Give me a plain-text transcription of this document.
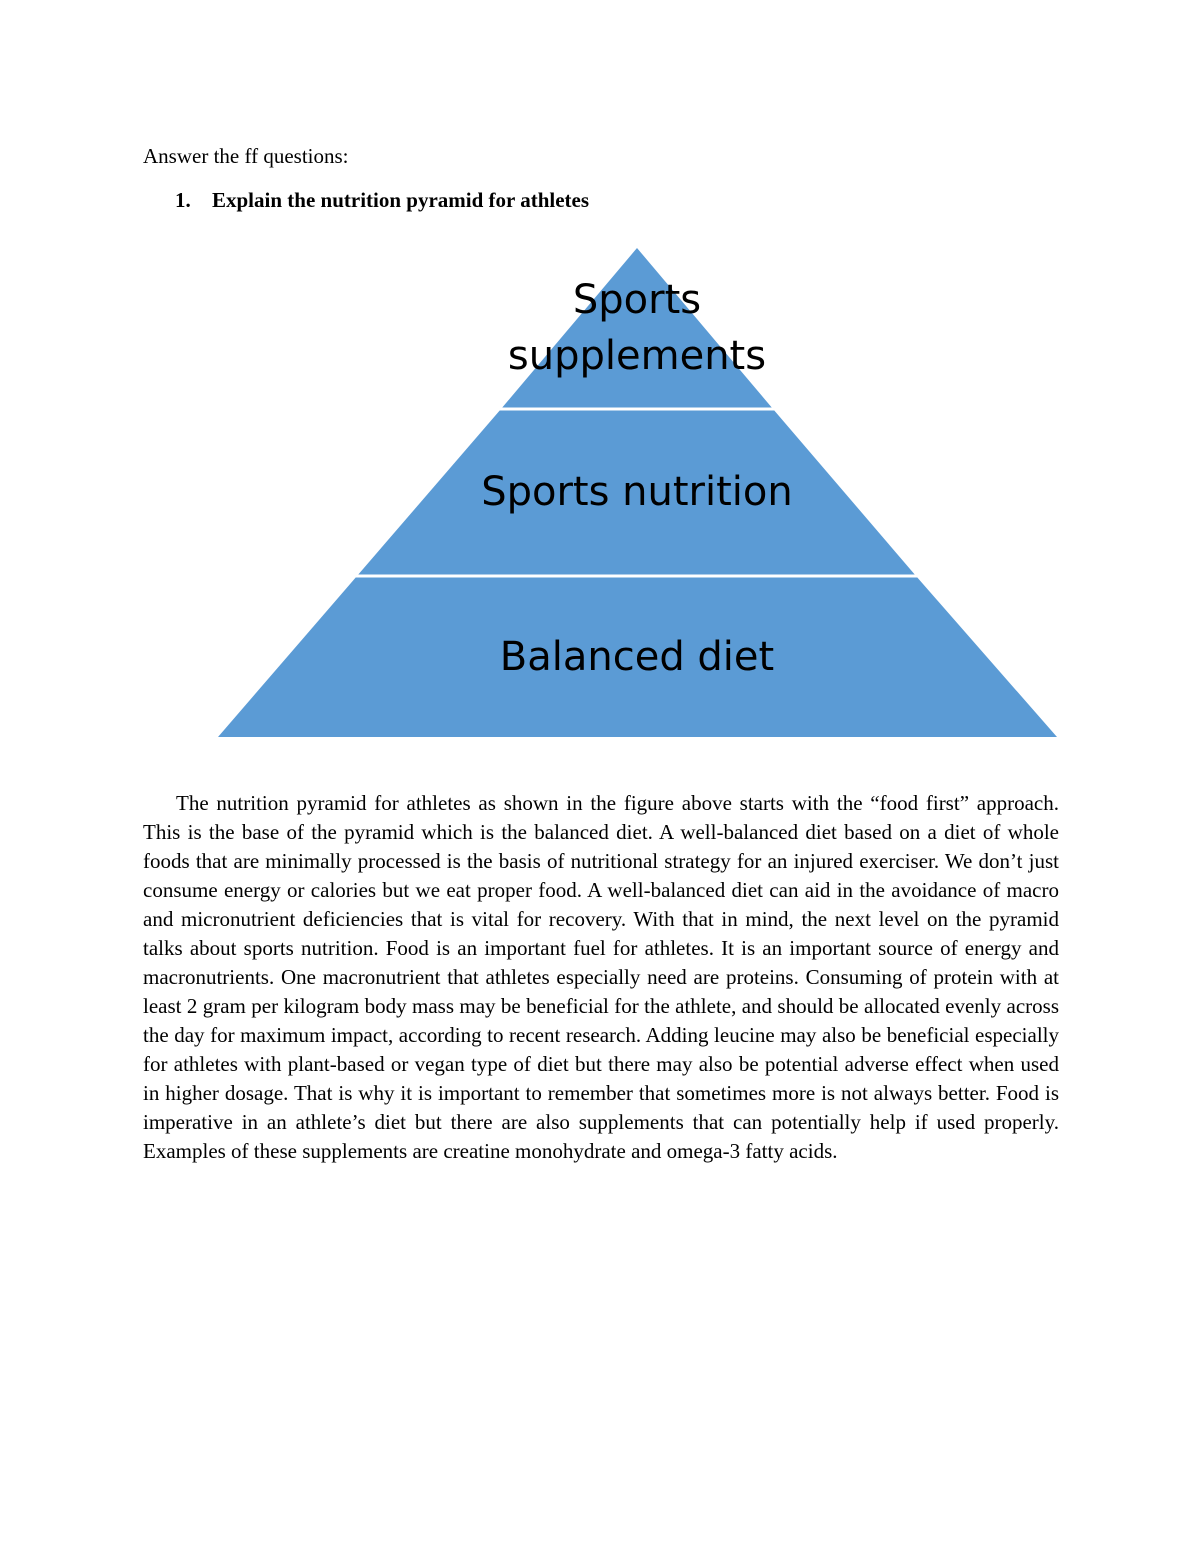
Answer the ff questions:

1. Explain the nutrition pyramid for athletes

Sports
supplements
Sports nutrition
Balanced diet

The nutrition pyramid for athletes as shown in the figure above starts with the “food first” approach. This is the base of the pyramid which is the balanced diet. A well-balanced diet based on a diet of whole foods that are minimally processed is the basis of nutritional strategy for an injured exerciser. We don’t just consume energy or calories but we eat proper food. A well-balanced diet can aid in the avoidance of macro and micronutrient deficiencies that is vital for recovery. With that in mind, the next level on the pyramid talks about sports nutrition. Food is an important fuel for athletes. It is an important source of energy and macronutrients. One macronutrient that athletes especially need are proteins. Consuming of protein with at least 2 gram per kilogram body mass may be beneficial for the athlete, and should be allocated evenly across the day for maximum impact, according to recent research. Adding leucine may also be beneficial especially for athletes with plant-based or vegan type of diet but there may also be potential adverse effect when used in higher dosage. That is why it is important to remember that sometimes more is not always better. Food is imperative in an athlete’s diet but there are also supplements that can potentially help if used properly. Examples of these supplements are creatine monohydrate and omega-3 fatty acids.
